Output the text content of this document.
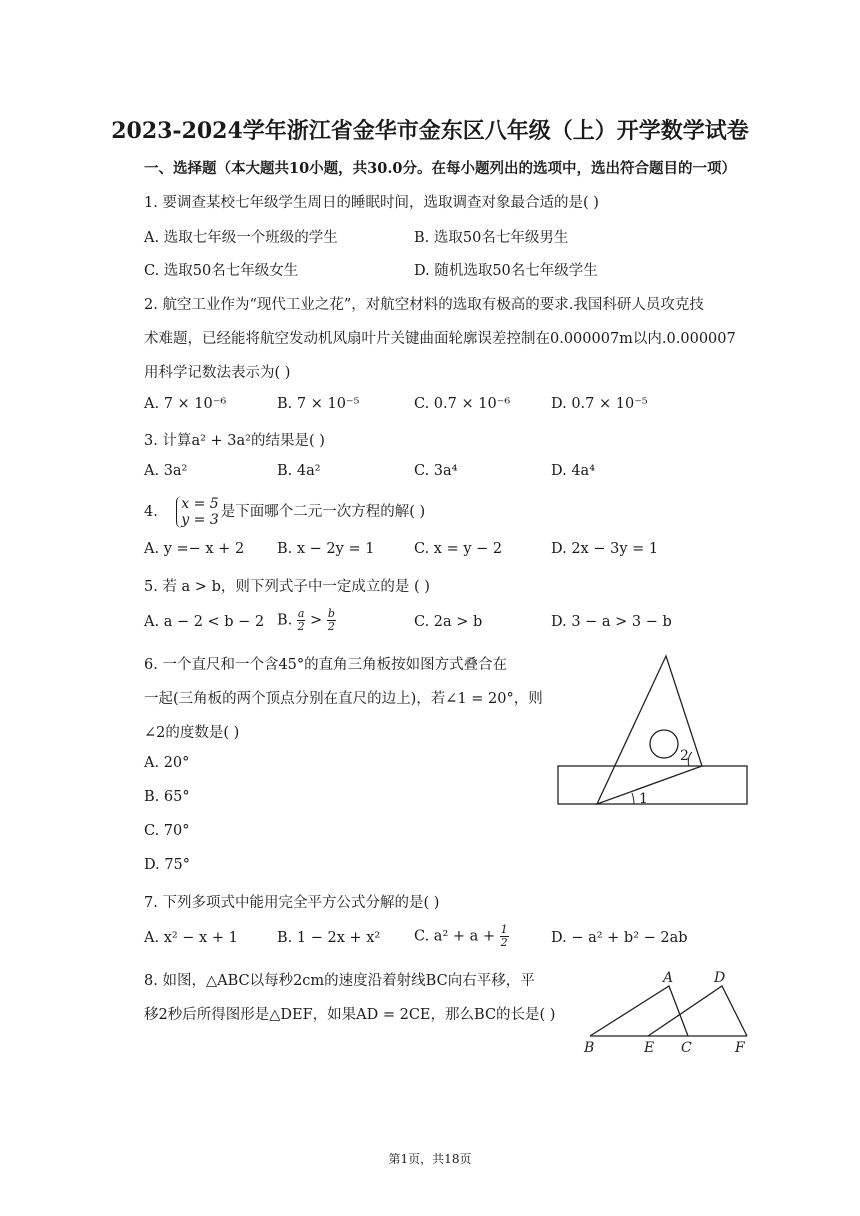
2023-2024学年浙江省金华市金东区八年级（上）开学数学试卷
一、选择题（本大题共10小题，共30.0分。在每小题列出的选项中，选出符合题目的一项）
1. 要调查某校七年级学生周日的睡眠时间，选取调查对象最合适的是( )
A. 选取七年级一个班级的学生	B. 选取50名七年级男生
C. 选取50名七年级女生	D. 随机选取50名七年级学生
2. 航空工业作为“现代工业之花”，对航空材料的选取有极高的要求.我国科研人员攻克技
术难题，已经能将航空发动机风扇叶片关键曲面轮廓误差控制在0.000007m以内.0.000007
用科学记数法表示为( )
A. 7 × 10⁻⁶	B. 7 × 10⁻⁵	C. 0.7 × 10⁻⁶	D. 0.7 × 10⁻⁵
3. 计算a² + 3a²的结果是( )
A. 3a²	B. 4a²	C. 3a⁴	D. 4a⁴
4. x = 5
y = 3 是下面哪个二元一次方程的解( )
A. y =− x + 2 B. x − 2y = 1	C. x = y − 2	D. 2x − 3y = 1
5. 若 a > b，则下列式子中一定成立的是 ( )
A. a − 2 < b − 2 B. $\frac{a}{2} > \frac{b}{2}$	C. 2a > b	D. 3 − a > 3 − b
6. 一个直尺和一个含45°的直角三角板按如图方式叠合在
一起(三角板的两个顶点分别在直尺的边上)，若∠1 = 20°，则
∠2的度数是( )
A. 20°
B. 65°
C. 70°
D. 75°
1
2
7. 下列多项式中能用完全平方公式分解的是( )
A. x² − x + 1	B. 1 − 2x + x² C. $a^2 + a + \frac{1}{2}$	D. − a² + b² − 2ab
8. 如图，△ABC以每秒2cm的速度沿着射线BC向右平移，平
移2秒后所得图形是△DEF，如果AD = 2CE，那么BC的长是( )
A	D
B	E C	F
第1页，共18页
